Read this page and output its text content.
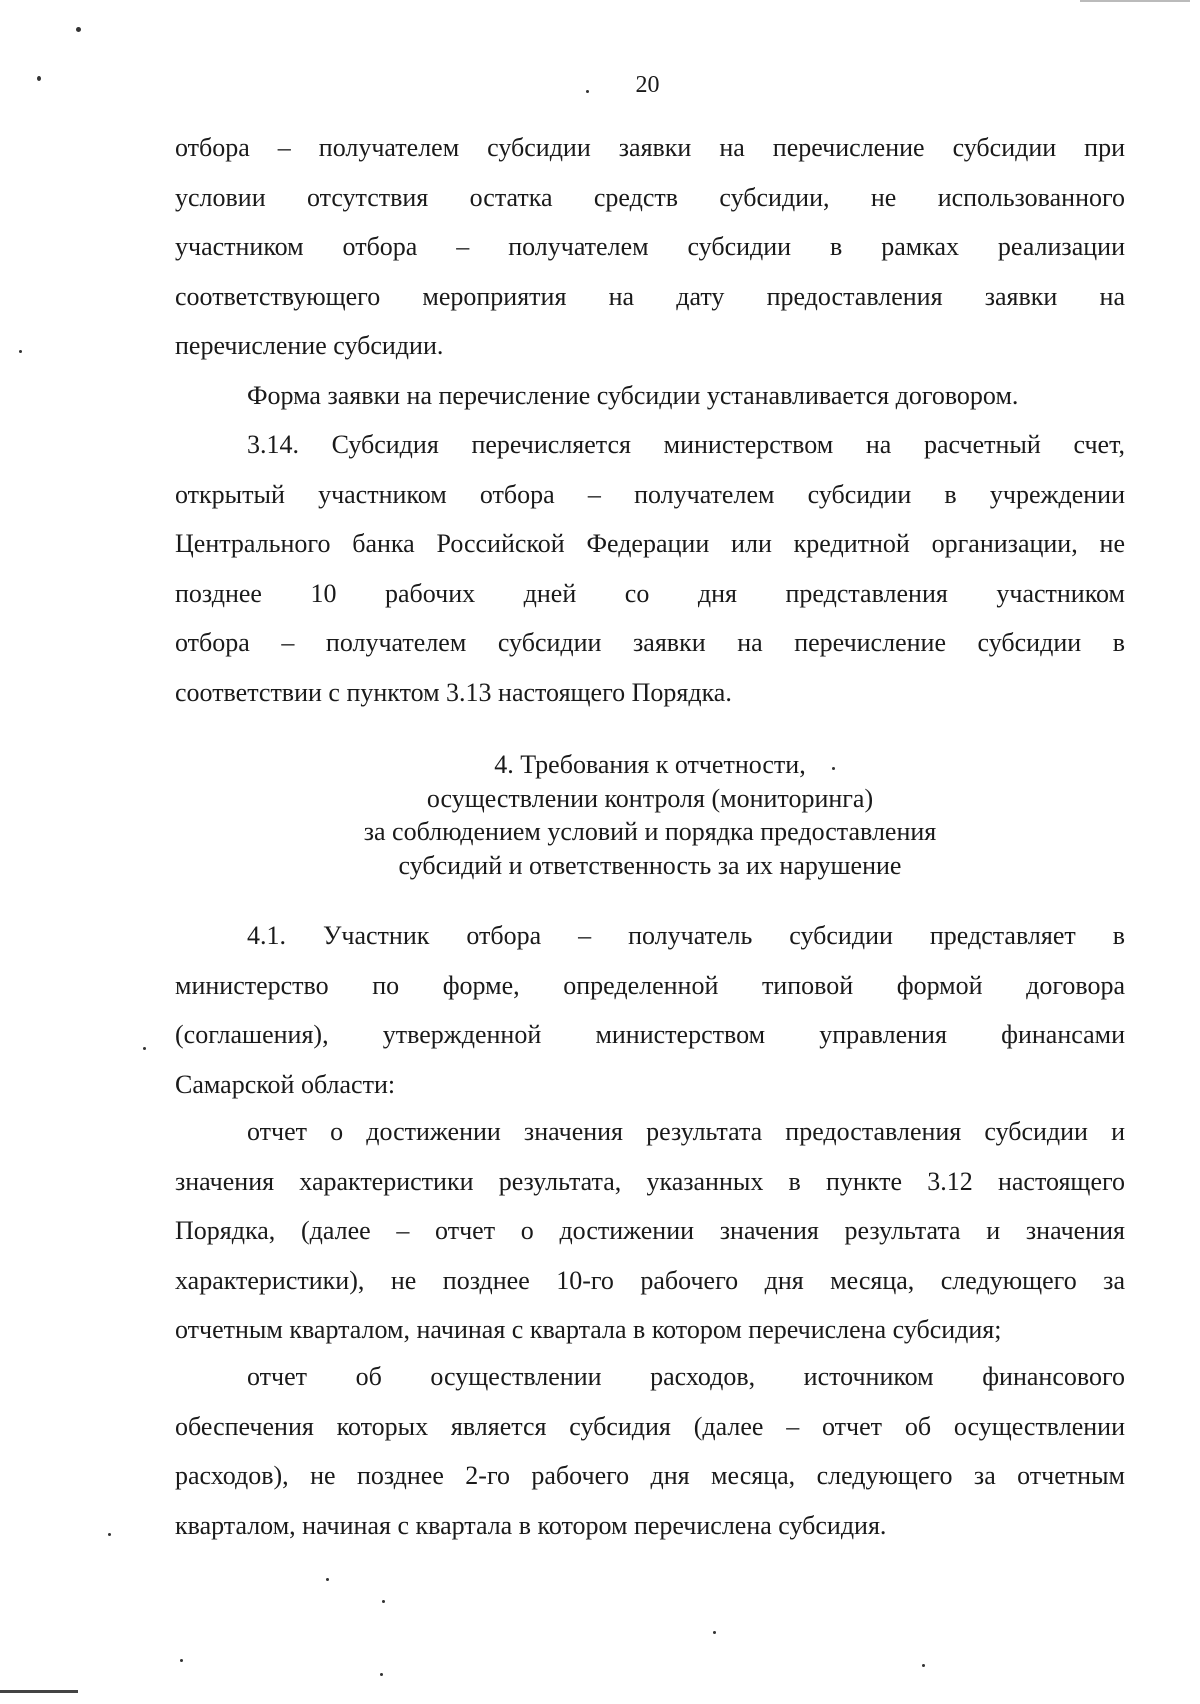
20
отбора – получателем субсидии заявки на перечисление субсидии при
условии отсутствия остатка средств субсидии, не использованного
участником отбора – получателем субсидии в рамках реализации
соответствующего мероприятия на дату предоставления заявки на
перечисление субсидии.
Форма заявки на перечисление субсидии устанавливается договором.
3.14. Субсидия перечисляется министерством на расчетный счет,
открытый участником отбора – получателем субсидии в учреждении
Центрального банка Российской Федерации или кредитной организации, не
позднее 10 рабочих дней со дня представления участником
отбора – получателем субсидии заявки на перечисление субсидии в
соответствии с пунктом 3.13 настоящего Порядка.
4. Требования к отчетности,
осуществлении контроля (мониторинга)
за соблюдением условий и порядка предоставления
субсидий и ответственность за их нарушение
4.1. Участник отбора – получатель субсидии представляет в
министерство по форме, определенной типовой формой договора
(соглашения), утвержденной министерством управления финансами
Самарской области:
отчет о достижении значения результата предоставления субсидии и
значения характеристики результата, указанных в пункте 3.12 настоящего
Порядка, (далее – отчет о достижении значения результата и значения
характеристики), не позднее 10-го рабочего дня месяца, следующего за
отчетным кварталом, начиная с квартала в котором перечислена субсидия;
отчет об осуществлении расходов, источником финансового
обеспечения которых является субсидия (далее – отчет об осуществлении
расходов), не позднее 2-го рабочего дня месяца, следующего за отчетным
кварталом, начиная с квартала в котором перечислена субсидия.
